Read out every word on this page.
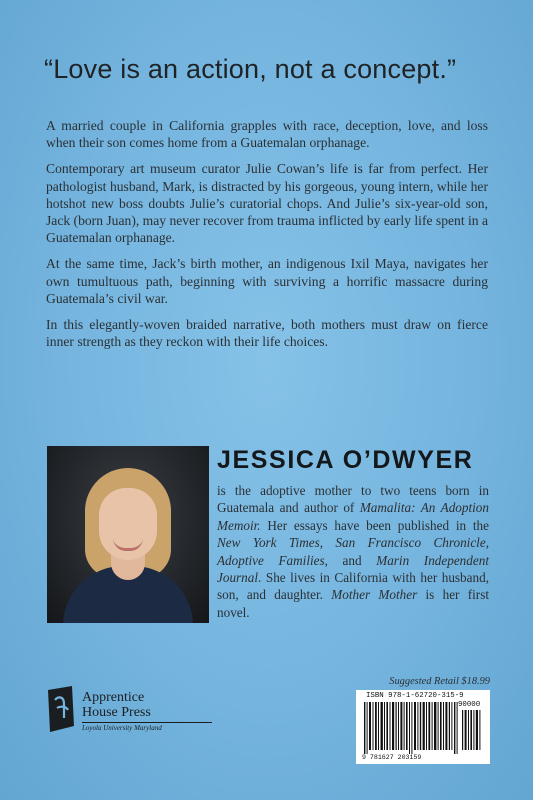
“Love is an action, not a concept.”

A married couple in California grapples with race, deception, love, and loss when their son comes home from a Guatemalan orphanage.

Contemporary art museum curator Julie Cowan’s life is far from perfect. Her pathologist husband, Mark, is distracted by his gorgeous, young intern, while her hotshot new boss doubts Julie’s curatorial chops. And Julie’s six-year-old son, Jack (born Juan), may never recover from trauma inflicted by early life spent in a Guatemalan orphanage.

At the same time, Jack’s birth mother, an indigenous Ixil Maya, navigates her own tumultuous path, beginning with surviving a horrific massacre during Guatemala’s civil war.

In this elegantly-woven braided narrative, both mothers must draw on fierce inner strength as they reckon with their life choices.

JESSICA O’DWYER
is the adoptive mother to two teens born in Guatemala and author of Mamalita: An Adoption Memoir. Her essays have been published in the New York Times, San Francisco Chronicle, Adoptive Families, and Marin Independent Journal. She lives in California with her husband, son, and daughter. Mother Mother is her first novel.
Apprentice
House Press
Loyola University Maryland
Suggested Retail $18.99
ISBN 978-1-62720-315-9
90000
9 781627 203159
